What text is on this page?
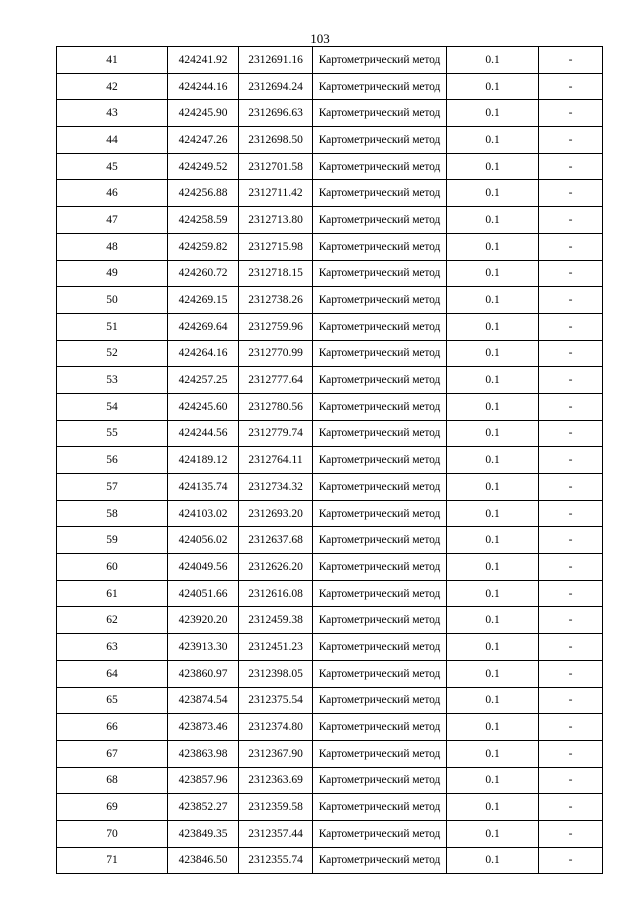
103
41	424241.92	2312691.16	Картометрический метод	0.1	-
42	424244.16	2312694.24	Картометрический метод	0.1	-
43	424245.90	2312696.63	Картометрический метод	0.1	-
44	424247.26	2312698.50	Картометрический метод	0.1	-
45	424249.52	2312701.58	Картометрический метод	0.1	-
46	424256.88	2312711.42	Картометрический метод	0.1	-
47	424258.59	2312713.80	Картометрический метод	0.1	-
48	424259.82	2312715.98	Картометрический метод	0.1	-
49	424260.72	2312718.15	Картометрический метод	0.1	-
50	424269.15	2312738.26	Картометрический метод	0.1	-
51	424269.64	2312759.96	Картометрический метод	0.1	-
52	424264.16	2312770.99	Картометрический метод	0.1	-
53	424257.25	2312777.64	Картометрический метод	0.1	-
54	424245.60	2312780.56	Картометрический метод	0.1	-
55	424244.56	2312779.74	Картометрический метод	0.1	-
56	424189.12	2312764.11	Картометрический метод	0.1	-
57	424135.74	2312734.32	Картометрический метод	0.1	-
58	424103.02	2312693.20	Картометрический метод	0.1	-
59	424056.02	2312637.68	Картометрический метод	0.1	-
60	424049.56	2312626.20	Картометрический метод	0.1	-
61	424051.66	2312616.08	Картометрический метод	0.1	-
62	423920.20	2312459.38	Картометрический метод	0.1	-
63	423913.30	2312451.23	Картометрический метод	0.1	-
64	423860.97	2312398.05	Картометрический метод	0.1	-
65	423874.54	2312375.54	Картометрический метод	0.1	-
66	423873.46	2312374.80	Картометрический метод	0.1	-
67	423863.98	2312367.90	Картометрический метод	0.1	-
68	423857.96	2312363.69	Картометрический метод	0.1	-
69	423852.27	2312359.58	Картометрический метод	0.1	-
70	423849.35	2312357.44	Картометрический метод	0.1	-
71	423846.50	2312355.74	Картометрический метод	0.1	-
